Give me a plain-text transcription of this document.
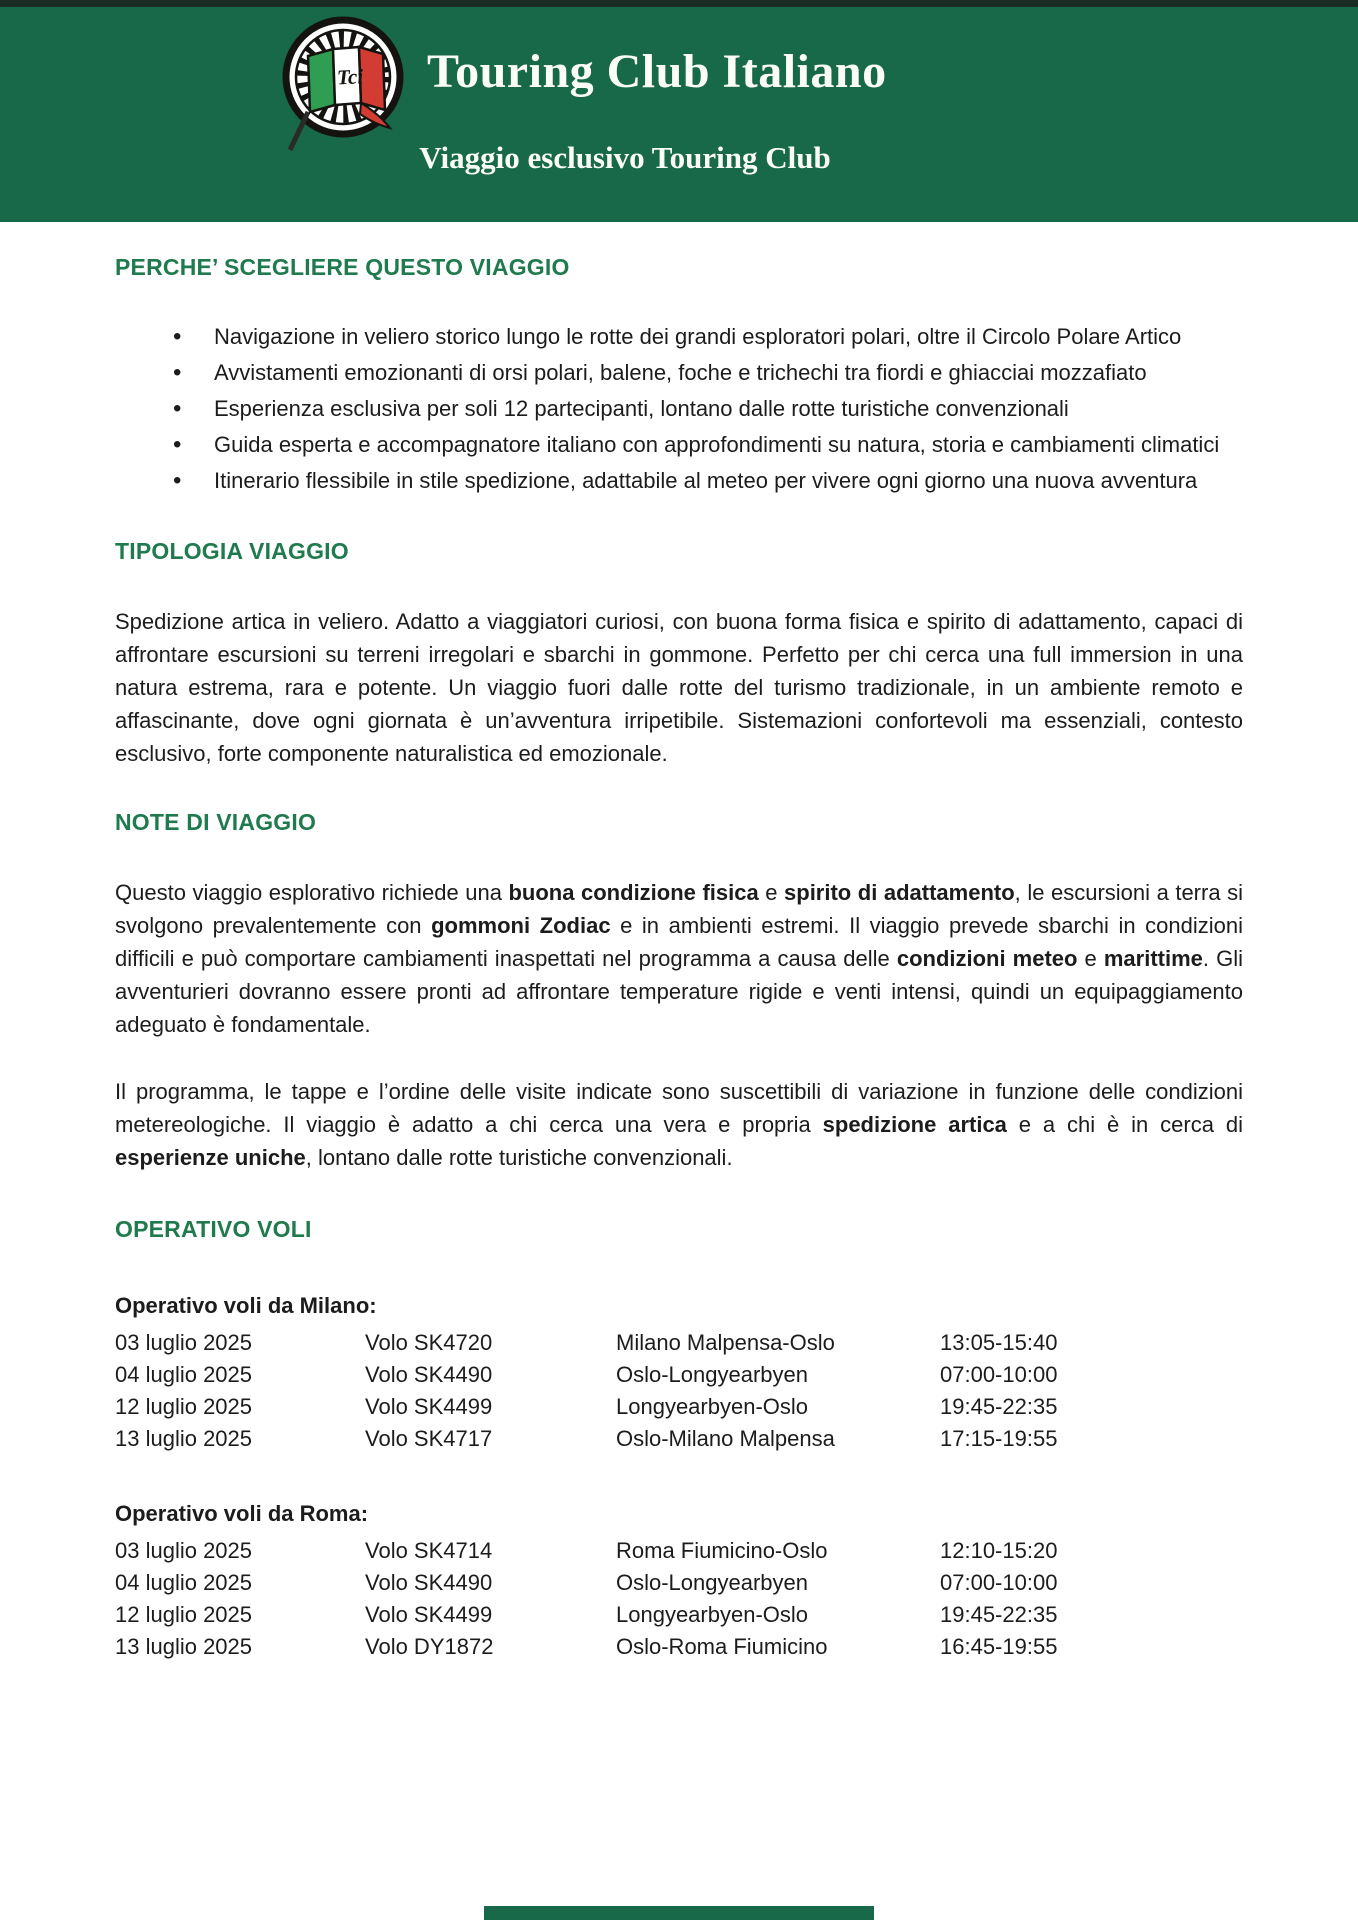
Tci Touring Club Italiano
Viaggio esclusivo Touring Club
PERCHE’ SCEGLIERE QUESTO VIAGGIO
• Navigazione in veliero storico lungo le rotte dei grandi esploratori polari, oltre il Circolo Polare Artico
• Avvistamenti emozionanti di orsi polari, balene, foche e trichechi tra fiordi e ghiacciai mozzafiato
• Esperienza esclusiva per soli 12 partecipanti, lontano dalle rotte turistiche convenzionali
• Guida esperta e accompagnatore italiano con approfondimenti su natura, storia e cambiamenti climatici
• Itinerario flessibile in stile spedizione, adattabile al meteo per vivere ogni giorno una nuova avventura
TIPOLOGIA VIAGGIO

Spedizione artica in veliero. Adatto a viaggiatori curiosi, con buona forma fisica e spirito di adattamento, capaci di affrontare escursioni su terreni irregolari e sbarchi in gommone. Perfetto per chi cerca una full immersion in una natura estrema, rara e potente. Un viaggio fuori dalle rotte del turismo tradizionale, in un ambiente remoto e affascinante, dove ogni giornata è un’avventura irripetibile. Sistemazioni confortevoli ma essenziali, contesto esclusivo, forte componente naturalistica ed emozionale.

NOTE DI VIAGGIO

Questo viaggio esplorativo richiede una buona condizione fisica e spirito di adattamento, le escursioni a terra si svolgono prevalentemente con gommoni Zodiac e in ambienti estremi. Il viaggio prevede sbarchi in condizioni difficili e può comportare cambiamenti inaspettati nel programma a causa delle condizioni meteo e marittime. Gli avventurieri dovranno essere pronti ad affrontare temperature rigide e venti intensi, quindi un equipaggiamento adeguato è fondamentale.

Il programma, le tappe e l’ordine delle visite indicate sono suscettibili di variazione in funzione delle condizioni metereologiche. Il viaggio è adatto a chi cerca una vera e propria spedizione artica e a chi è in cerca di esperienze uniche, lontano dalle rotte turistiche convenzionali.

OPERATIVO VOLI
Operativo voli da Milano:
03 luglio 2025	Volo SK4720	Milano Malpensa-Oslo	13:05-15:40
04 luglio 2025	Volo SK4490	Oslo-Longyearbyen	07:00-10:00
12 luglio 2025	Volo SK4499	Longyearbyen-Oslo	19:45-22:35
13 luglio 2025	Volo SK4717	Oslo-Milano Malpensa	17:15-19:55
Operativo voli da Roma:
03 luglio 2025	Volo SK4714	Roma Fiumicino-Oslo	12:10-15:20
04 luglio 2025	Volo SK4490	Oslo-Longyearbyen	07:00-10:00
12 luglio 2025	Volo SK4499	Longyearbyen-Oslo	19:45-22:35
13 luglio 2025	Volo DY1872	Oslo-Roma Fiumicino	16:45-19:55
